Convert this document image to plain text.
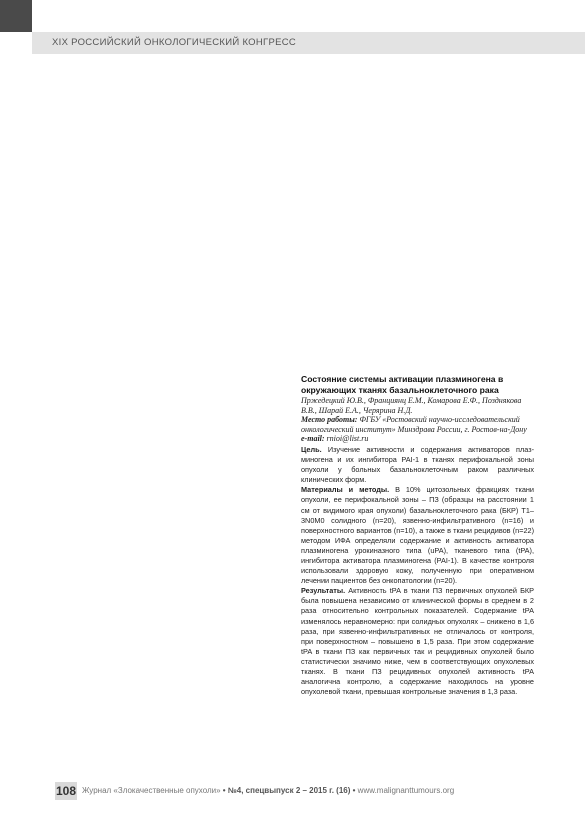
XIX РОССИЙСКИЙ ОНКОЛОГИЧЕСКИЙ КОНГРЕСС

Состояние системы активации плазминогена в окружающих тканях базальноклеточного рака

Пржедецкий Ю.В., Франциянц Е.М., Комарова Е.Ф., Позднякова В.В., Шарай Е.А., Черярина Н.Д.

Место работы: ФГБУ «Ростовский научно-исследовательский онкологический институт» Минздрава России, г. Ростов-на-Дону

e-mail: rnioi@list.ru

Цель. Изучение активности и содержания активаторов плазминогена и их ингибитора PAI-1 в тканях перифокальной зоны опухоли у больных базальноклеточным раком различных клинических форм.

Материалы и методы. В 10% цитозольных фракциях ткани опухоли, ее перифокальной зоны – ПЗ (образцы на расстоянии 1 см от видимого края опухоли) базальноклеточного рака (БКР) T1–3N0M0 солидного (n=20), язвенно-инфильтративного (n=16) и поверхностного вариантов (n=10), а также в ткани рецидивов (n=22) методом ИФА определяли содержание и активность активатора плазминогена урокиназного типа (uPA), тканевого типа (tPA), ингибитора активатора плазминогена (PAI-1). В качестве контроля использовали здоровую кожу, полученную при оперативном лечении пациентов без онкопатологии (n=20).

Результаты. Активность tPA в ткани ПЗ первичных опухолей БКР была повышена независимо от клинической формы в среднем в 2 раза относительно контрольных показателей. Содержание tPA изменялось неравномерно: при солидных опухолях – снижено в 1,6 раза, при язвенно-инфильтративных не отличалось от контроля, при поверхностном – повышено в 1,5 раза. При этом содержание tPA в ткани ПЗ как первичных так и рецидивных опухолей было статистически значимо ниже, чем в соответствующих опухолевых тканях. В ткани ПЗ рецидивных опухолей активность tPA аналогична контролю, а содержание находилось на уровне опухолевой ткани, превышая контрольные значения в 1,3 раза.

108 Журнал «Злокачественные опухоли» • №4, спецвыпуск 2 – 2015 г. (16) • www.malignanttumours.org
